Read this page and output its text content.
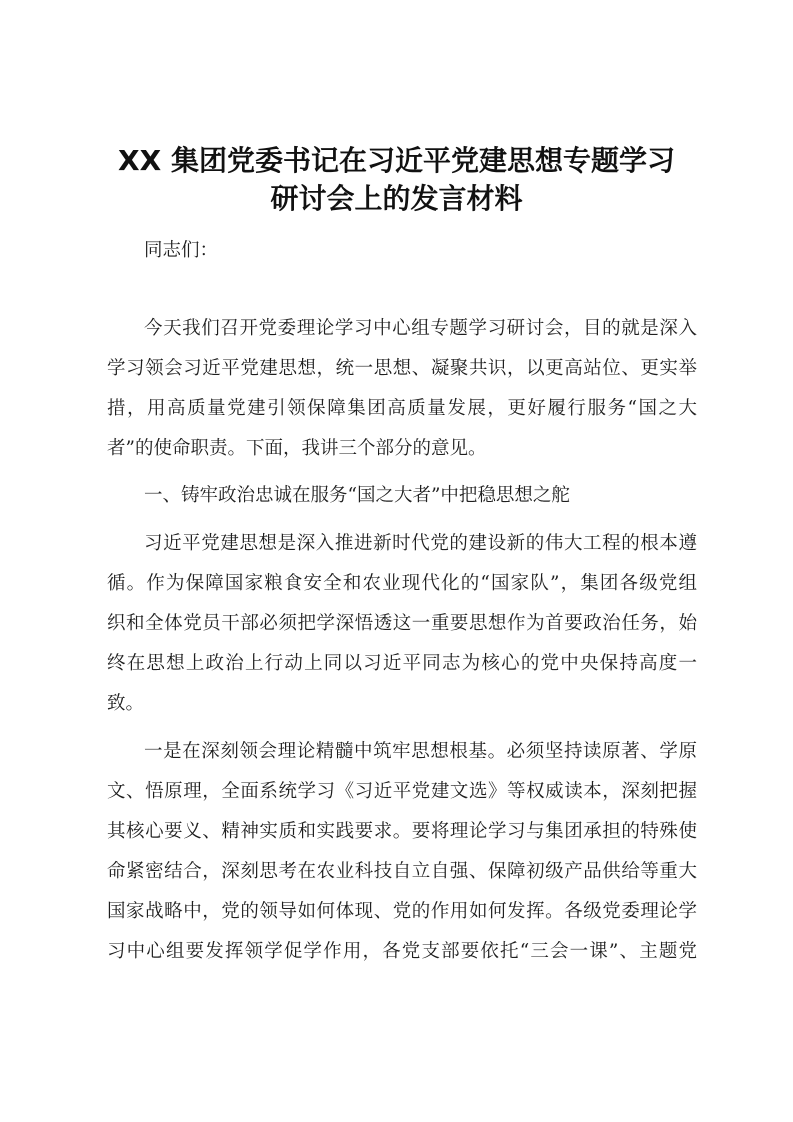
XX 集团党委书记在习近平党建思想专题学习
研讨会上的发言材料
同志们：
今天我们召开党委理论学习中心组专题学习研讨会，目的就是深入
学习领会习近平党建思想，统一思想、凝聚共识，以更高站位、更实举
措，用高质量党建引领保障集团高质量发展，更好履行服务“国之大
者”的使命职责。下面，我讲三个部分的意见。
一、铸牢政治忠诚在服务“国之大者”中把稳思想之舵
习近平党建思想是深入推进新时代党的建设新的伟大工程的根本遵
循。作为保障国家粮食安全和农业现代化的“国家队”，集团各级党组
织和全体党员干部必须把学深悟透这一重要思想作为首要政治任务，始
终在思想上政治上行动上同以习近平同志为核心的党中央保持高度一
致。
一是在深刻领会理论精髓中筑牢思想根基。必须坚持读原著、学原
文、悟原理，全面系统学习《习近平党建文选》等权威读本，深刻把握
其核心要义、精神实质和实践要求。要将理论学习与集团承担的特殊使
命紧密结合，深刻思考在农业科技自立自强、保障初级产品供给等重大
国家战略中，党的领导如何体现、党的作用如何发挥。各级党委理论学
习中心组要发挥领学促学作用，各党支部要依托“三会一课”、主题党
